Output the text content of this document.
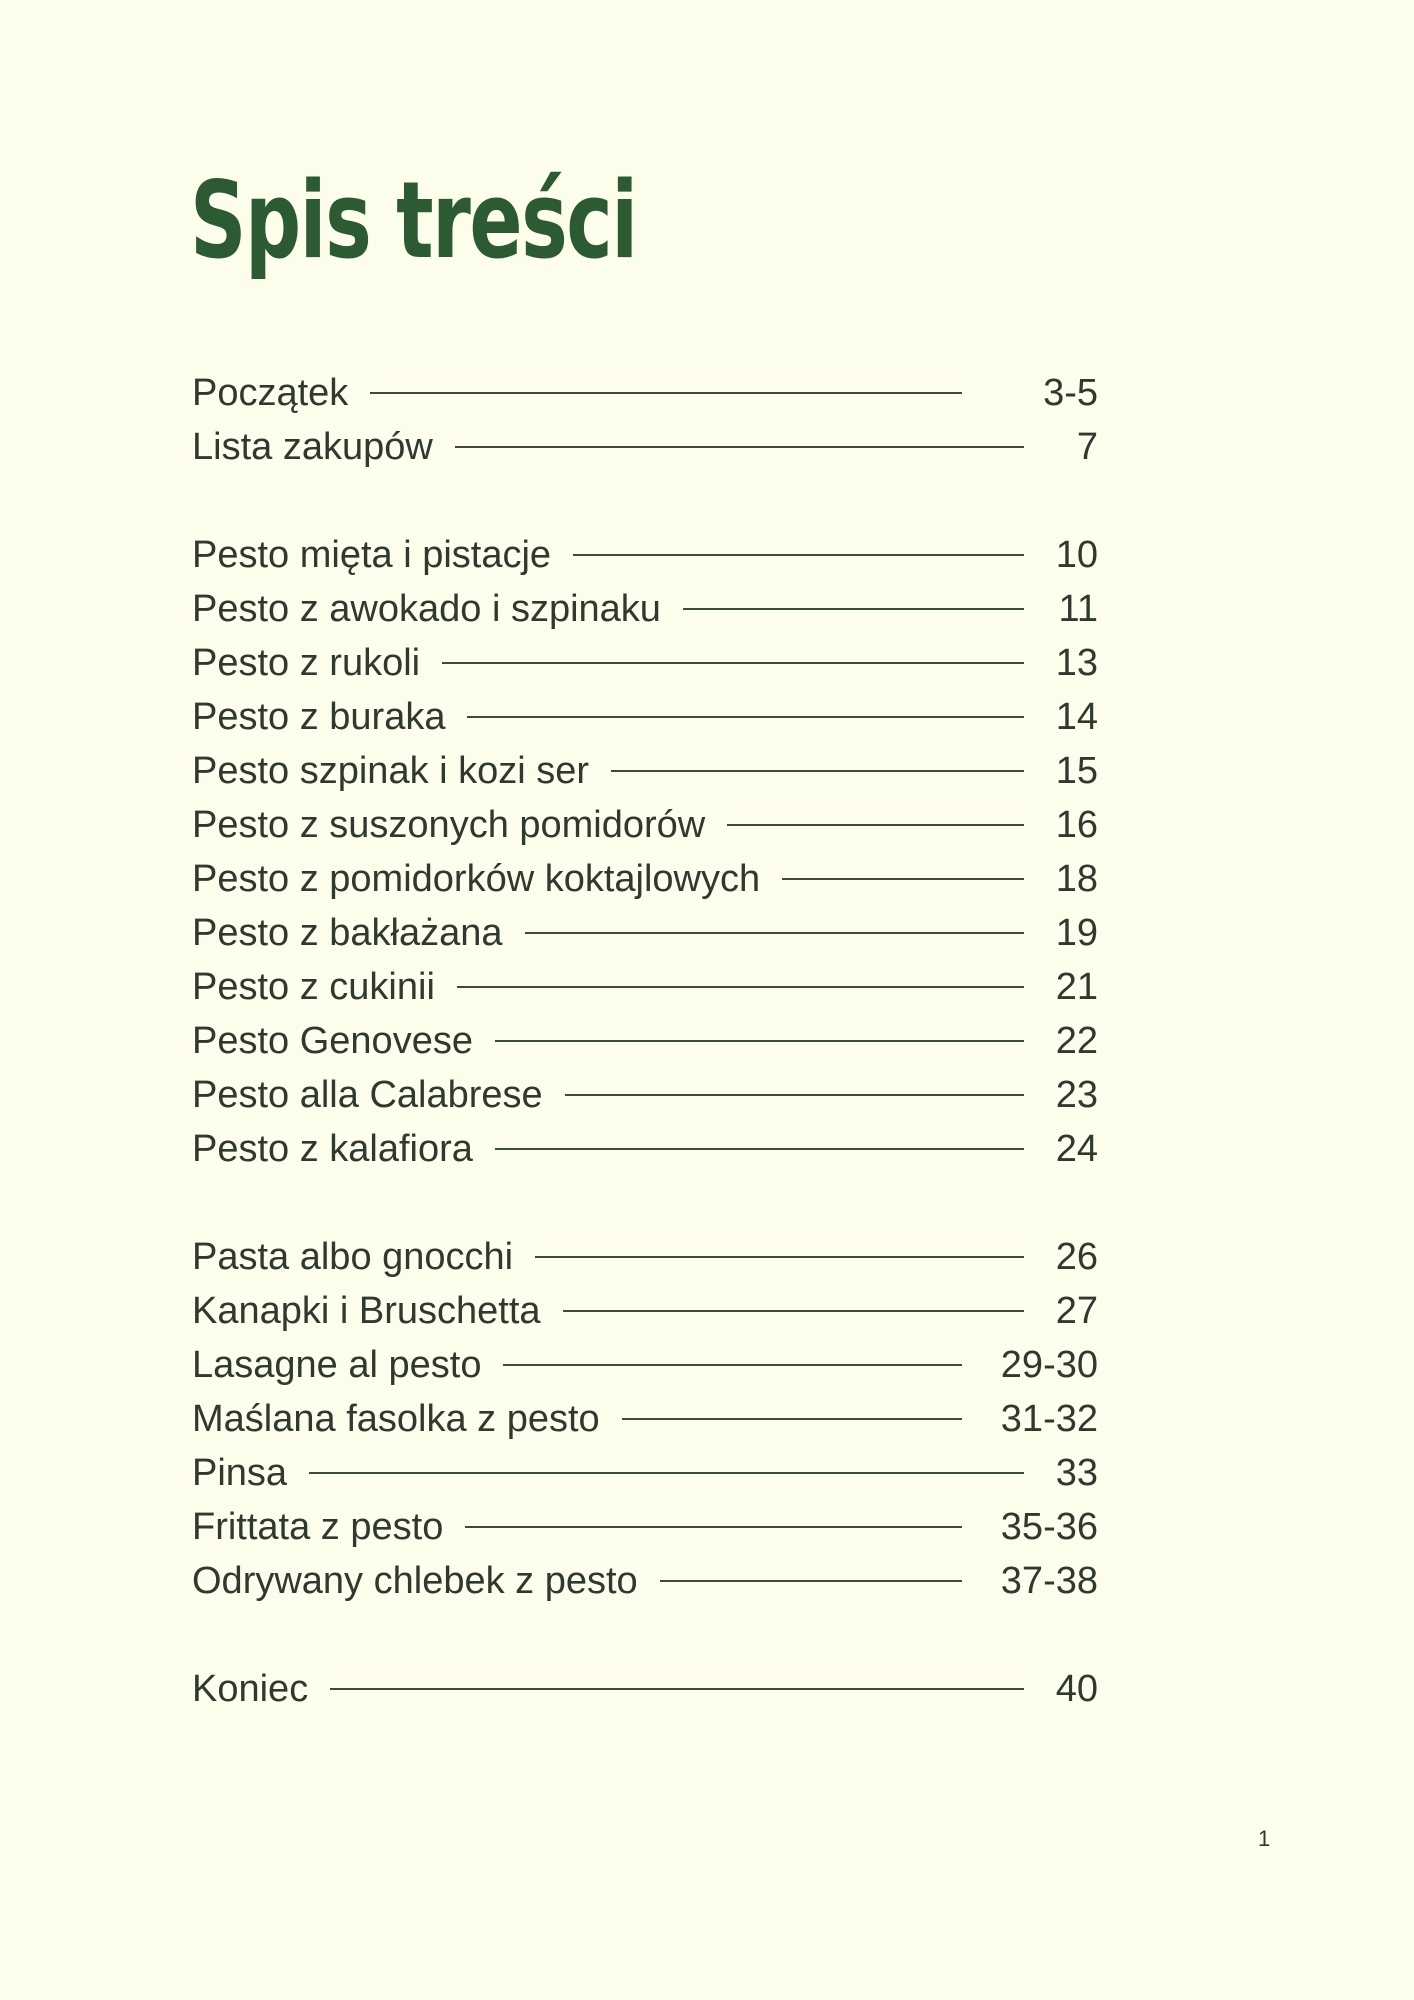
Spis treści
Początek	3-5
Lista zakupów	7
Pesto mięta i pistacje	10
Pesto z awokado i szpinaku	11
Pesto z rukoli	13
Pesto z buraka	14
Pesto szpinak i kozi ser	15
Pesto z suszonych pomidorów	16
Pesto z pomidorków koktajlowych	18
Pesto z bakłażana	19
Pesto z cukinii	21
Pesto Genovese	22
Pesto alla Calabrese	23
Pesto z kalafiora	24
Pasta albo gnocchi	26
Kanapki i Bruschetta	27
Lasagne al pesto	29-30
Maślana fasolka z pesto	31-32
Pinsa	33
Frittata z pesto	35-36
Odrywany chlebek z pesto	37-38
Koniec	40
1
